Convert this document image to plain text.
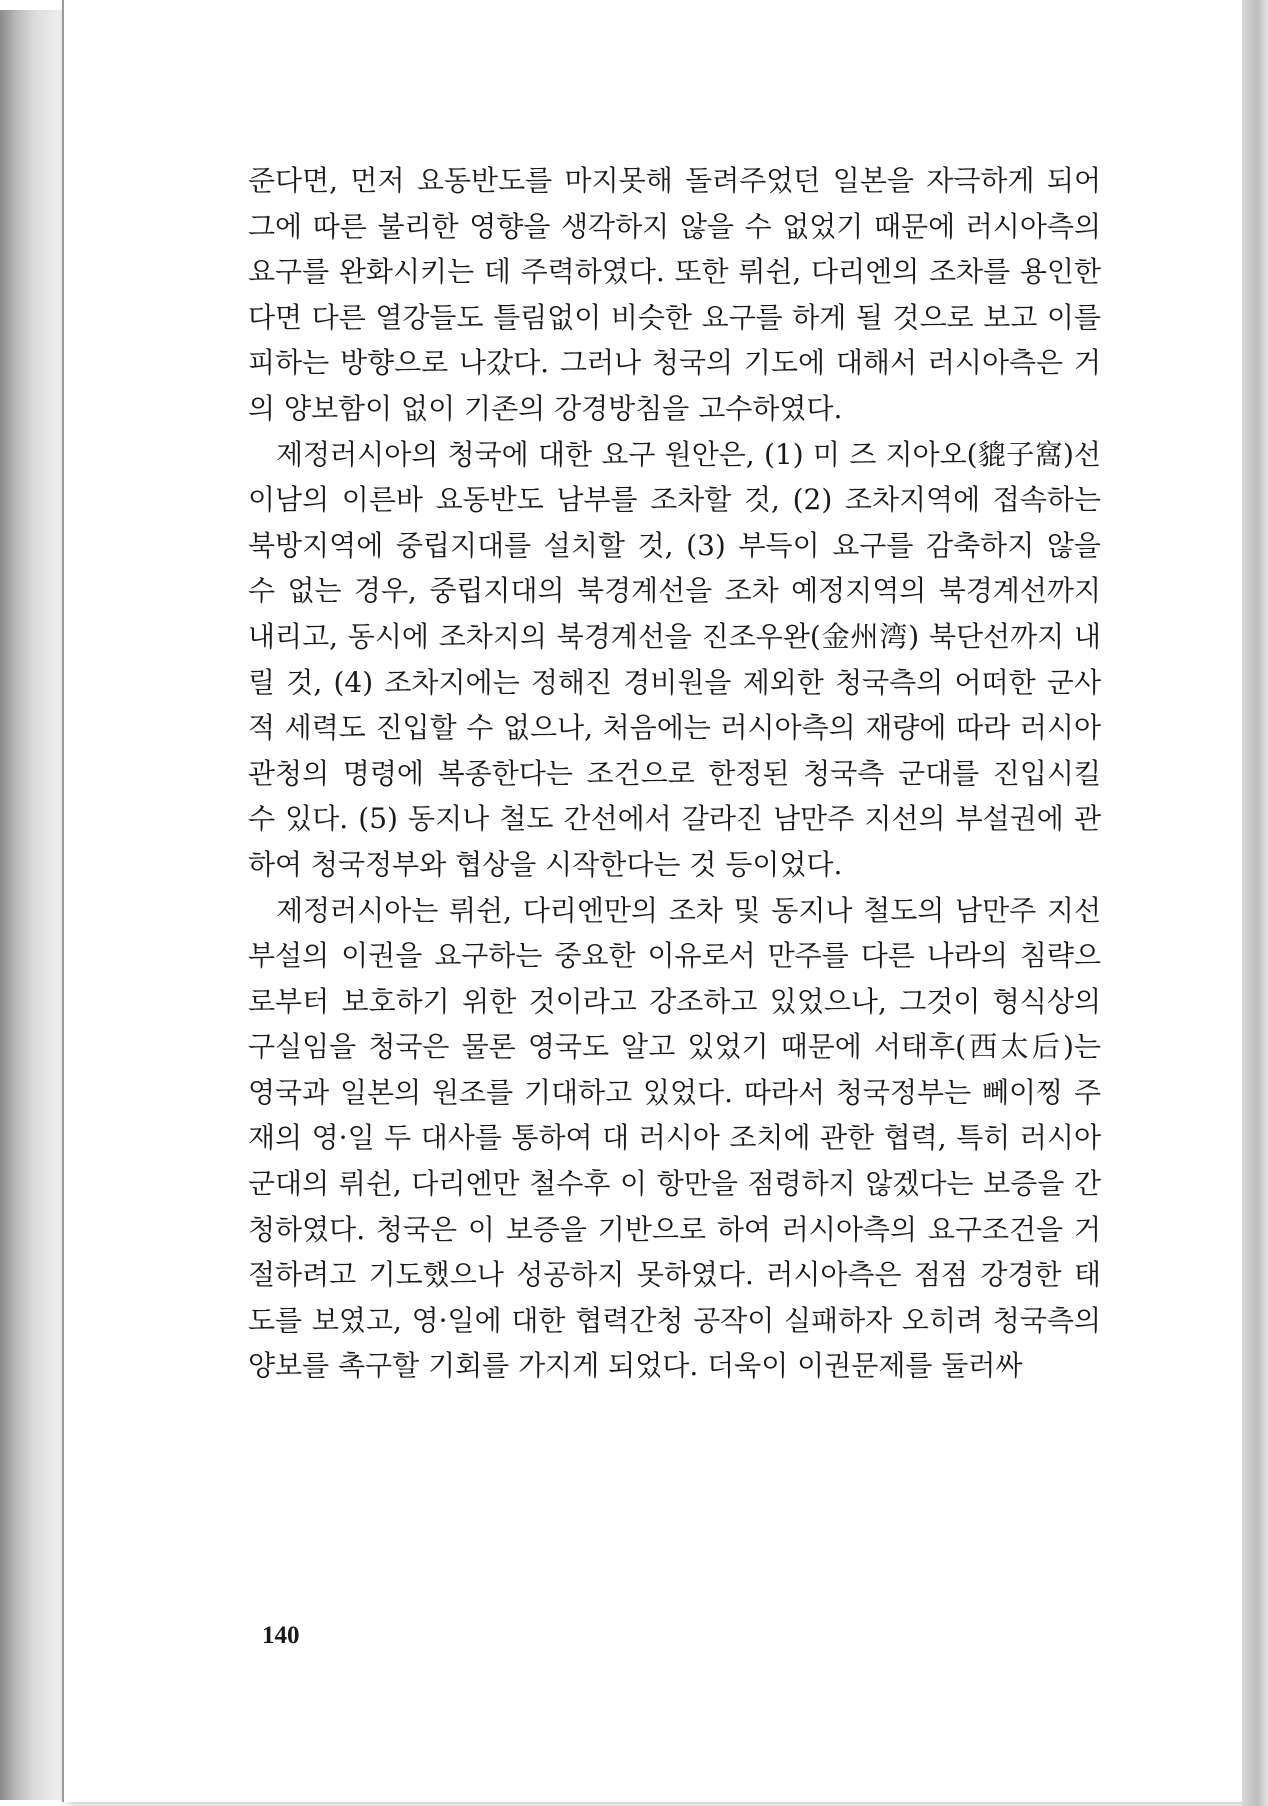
준다면, 먼저 요동반도를 마지못해 돌려주었던 일본을 자극하게 되어 그에 따른 불리한 영향을 생각하지 않을 수 없었기 때문에 러시아측의 요구를 완화시키는 데 주력하였다. 또한 뤼쉰, 다리엔의 조차를 용인한다면 다른 열강들도 틀림없이 비슷한 요구를 하게 될 것으로 보고 이를 피하는 방향으로 나갔다. 그러나 청국의 기도에 대해서 러시아측은 거의 양보함이 없이 기존의 강경방침을 고수하였다.

제정러시아의 청국에 대한 요구 원안은, (1) 미 즈 지아오(貔子窩)선 이남의 이른바 요동반도 남부를 조차할 것, (2) 조차지역에 접속하는 북방지역에 중립지대를 설치할 것, (3) 부득이 요구를 감축하지 않을 수 없는 경우, 중립지대의 북경계선을 조차 예정지역의 북경계선까지 내리고, 동시에 조차지의 북경계선을 진조우완(金州湾) 북단선까지 내릴 것, (4) 조차지에는 정해진 경비원을 제외한 청국측의 어떠한 군사적 세력도 진입할 수 없으나, 처음에는 러시아측의 재량에 따라 러시아 관청의 명령에 복종한다는 조건으로 한정된 청국측 군대를 진입시킬 수 있다. (5) 동지나 철도 간선에서 갈라진 남만주 지선의 부설권에 관하여 청국정부와 협상을 시작한다는 것 등이었다.

제정러시아는 뤼쉰, 다리엔만의 조차 및 동지나 철도의 남만주 지선부설의 이권을 요구하는 중요한 이유로서 만주를 다른 나라의 침략으로부터 보호하기 위한 것이라고 강조하고 있었으나, 그것이 형식상의 구실임을 청국은 물론 영국도 알고 있었기 때문에 서태후(西太后)는 영국과 일본의 원조를 기대하고 있었다. 따라서 청국정부는 뻬이찡 주재의 영·일 두 대사를 통하여 대 러시아 조치에 관한 협력, 특히 러시아 군대의 뤼쉰, 다리엔만 철수후 이 항만을 점령하지 않겠다는 보증을 간청하였다. 청국은 이 보증을 기반으로 하여 러시아측의 요구조건을 거절하려고 기도했으나 성공하지 못하였다. 러시아측은 점점 강경한 태도를 보였고, 영·일에 대한 협력간청 공작이 실패하자 오히려 청국측의 양보를 촉구할 기회를 가지게 되었다. 더욱이 이권문제를 둘러싸

140
